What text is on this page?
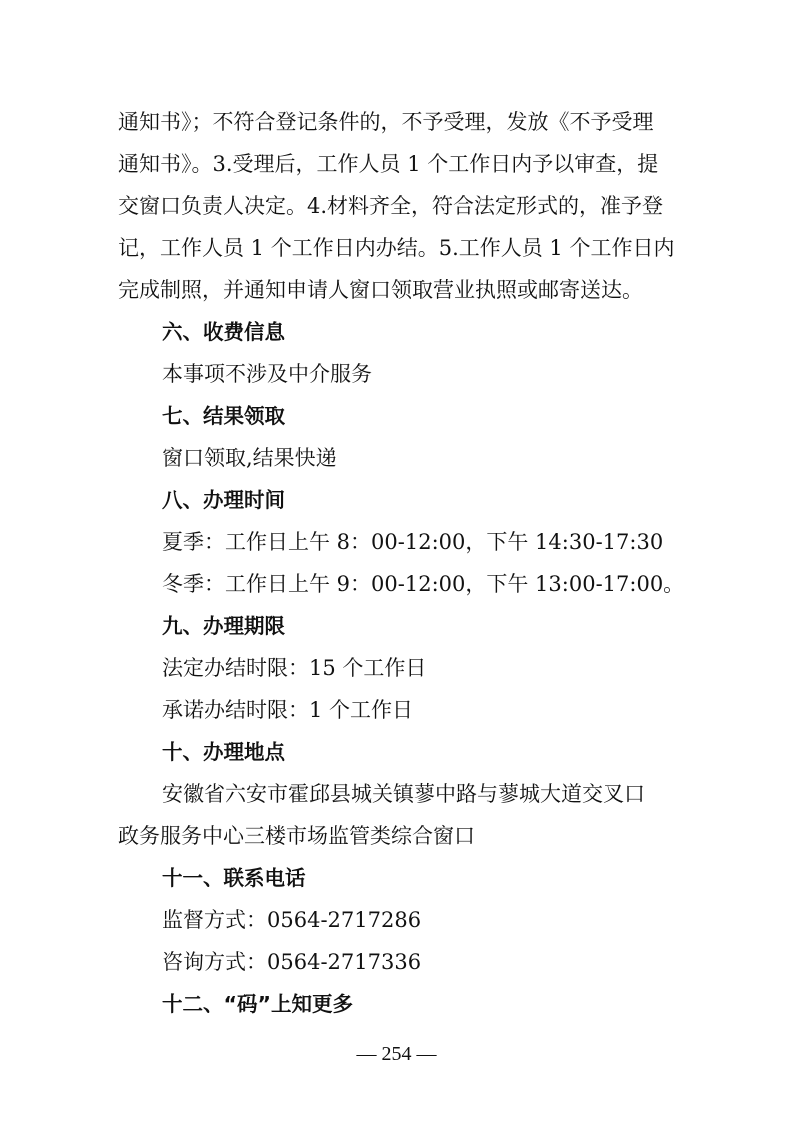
通知书》；不符合登记条件的，不予受理，发放《不予受理
通知书》。3.受理后，工作人员 1 个工作日内予以审查，提
交窗口负责人决定。4.材料齐全，符合法定形式的，准予登
记，工作人员 1 个工作日内办结。5.工作人员 1 个工作日内
完成制照，并通知申请人窗口领取营业执照或邮寄送达。
六、收费信息
本事项不涉及中介服务
七、结果领取
窗口领取,结果快递
八、办理时间
夏季：工作日上午 8：00-12:00，下午 14:30-17:30
冬季：工作日上午 9：00-12:00，下午 13:00-17:00。
九、办理期限
法定办结时限：15 个工作日
承诺办结时限：1 个工作日
十、办理地点
安徽省六安市霍邱县城关镇蓼中路与蓼城大道交叉口
政务服务中心三楼市场监管类综合窗口
十一、联系电话
监督方式：0564-2717286
咨询方式：0564-2717336
十二、“码”上知更多
— 254 —
